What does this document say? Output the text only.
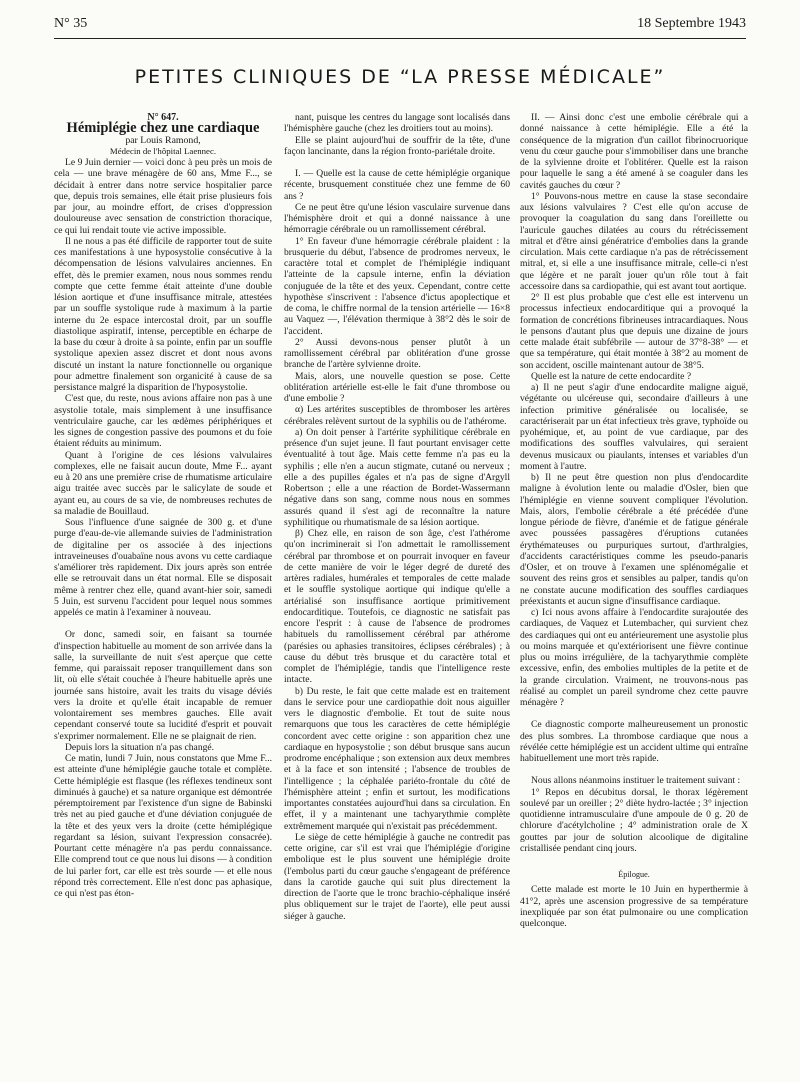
N° 35	18 Septembre 1943
PETITES CLINIQUES DE “LA PRESSE MÉDICALE”

N° 647.

Hémiplégie chez une cardiaque

par Louis Ramond,

Médecin de l'hôpital Laennec.

Le 9 Juin dernier — voici donc à peu près un mois de cela — une brave ménagère de 60 ans, Mme F..., se décidait à entrer dans notre service hospitalier parce que, depuis trois semaines, elle était prise plusieurs fois par jour, au moindre effort, de crises d'oppression douloureuse avec sensation de constriction thoracique, ce qui lui rendait toute vie active impossible.

Il ne nous a pas été difficile de rapporter tout de suite ces manifestations à une hyposystolie consécutive à la décompensation de lésions valvulaires anciennes. En effet, dès le premier examen, nous nous sommes rendu compte que cette femme était atteinte d'une double lésion aortique et d'une insuffisance mitrale, attestées par un souffle systolique rude à maximum à la partie interne du 2e espace intercostal droit, par un souffle diastolique aspiratif, intense, perceptible en écharpe de la base du cœur à droite à sa pointe, enfin par un souffle systolique apexien assez discret et dont nous avons discuté un instant la nature fonctionnelle ou organique pour admettre finalement son organicité à cause de sa persistance malgré la disparition de l'hyposystolie.

C'est que, du reste, nous avions affaire non pas à une asystolie totale, mais simplement à une insuffisance ventriculaire gauche, car les œdèmes périphériques et les signes de congestion passive des poumons et du foie étaient réduits au minimum.

Quant à l'origine de ces lésions valvulaires complexes, elle ne faisait aucun doute, Mme F... ayant eu à 20 ans une première crise de rhumatisme articulaire aigu traitée avec succès par le salicylate de soude et ayant eu, au cours de sa vie, de nombreuses rechutes de sa maladie de Bouillaud.

Sous l'influence d'une saignée de 300 g. et d'une purge d'eau-de-vie allemande suivies de l'administration de digitaline per os associée à des injections intraveineuses d'ouabaïne nous avons vu cette cardiaque s'améliorer très rapidement. Dix jours après son entrée elle se retrouvait dans un état normal. Elle se disposait même à rentrer chez elle, quand avant-hier soir, samedi 5 Juin, est survenu l'accident pour lequel nous sommes appelés ce matin à l'examiner à nouveau.

Or donc, samedi soir, en faisant sa tournée d'inspection habituelle au moment de son arrivée dans la salle, la surveillante de nuit s'est aperçue que cette femme, qui paraissait reposer tranquillement dans son lit, où elle s'était couchée à l'heure habituelle après une journée sans histoire, avait les traits du visage déviés vers la droite et qu'elle était incapable de remuer volontairement ses membres gauches. Elle avait cependant conservé toute sa lucidité d'esprit et pouvait s'exprimer normalement. Elle ne se plaignait de rien.

Depuis lors la situation n'a pas changé.

Ce matin, lundi 7 Juin, nous constatons que Mme F... est atteinte d'une hémiplégie gauche totale et complète. Cette hémiplégie est flasque (les réflexes tendineux sont diminués à gauche) et sa nature organique est démontrée péremptoirement par l'existence d'un signe de Babinski très net au pied gauche et d'une déviation conjuguée de la tête et des yeux vers la droite (cette hémiplégique regardant sa lésion, suivant l'expression consacrée). Pourtant cette ménagère n'a pas perdu connaissance. Elle comprend tout ce que nous lui disons — à condition de lui parler fort, car elle est très sourde — et elle nous répond très correctement. Elle n'est donc pas aphasique, ce qui n'est pas éton-

nant, puisque les centres du langage sont localisés dans l'hémisphère gauche (chez les droitiers tout au moins).

Elle se plaint aujourd'hui de souffrir de la tête, d'une façon lancinante, dans la région fronto-pariétale droite.

I. — Quelle est la cause de cette hémiplégie organique récente, brusquement constituée chez une femme de 60 ans ?

Ce ne peut être qu'une lésion vasculaire survenue dans l'hémisphère droit et qui a donné naissance à une hémorragie cérébrale ou un ramollissement cérébral.

1° En faveur d'une hémorragie cérébrale plaident : la brusquerie du début, l'absence de prodromes nerveux, le caractère total et complet de l'hémiplégie indiquant l'atteinte de la capsule interne, enfin la déviation conjuguée de la tête et des yeux. Cependant, contre cette hypothèse s'inscrivent : l'absence d'ictus apoplectique et de coma, le chiffre normal de la tension artérielle — 16×8 au Vaquez —, l'élévation thermique à 38°2 dès le soir de l'accident.

2° Aussi devons-nous penser plutôt à un ramollissement cérébral par oblitération d'une grosse branche de l'artère sylvienne droite.

Mais, alors, une nouvelle question se pose. Cette oblitération artérielle est-elle le fait d'une thrombose ou d'une embolie ?

α) Les artérites susceptibles de thromboser les artères cérébrales relèvent surtout de la syphilis ou de l'athérome.

a) On doit penser à l'artérite syphilitique cérébrale en présence d'un sujet jeune. Il faut pourtant envisager cette éventualité à tout âge. Mais cette femme n'a pas eu la syphilis ; elle n'en a aucun stigmate, cutané ou nerveux ; elle a des pupilles égales et n'a pas de signe d'Argyll Robertson ; elle a une réaction de Bordet-Wassermann négative dans son sang, comme nous nous en sommes assurés quand il s'est agi de reconnaître la nature syphilitique ou rhumatismale de sa lésion aortique.

β) Chez elle, en raison de son âge, c'est l'athérome qu'on incriminerait si l'on admettait le ramollissement cérébral par thrombose et on pourrait invoquer en faveur de cette manière de voir le léger degré de dureté des artères radiales, humérales et temporales de cette malade et le souffle systolique aortique qui indique qu'elle a artérialisé son insuffisance aortique primitivement endocarditique. Toutefois, ce diagnostic ne satisfait pas encore l'esprit : à cause de l'absence de prodromes habituels du ramollissement cérébral par athérome (parésies ou aphasies transitoires, éclipses cérébrales) ; à cause du début très brusque et du caractère total et complet de l'hémiplégie, tandis que l'intelligence reste intacte.

b) Du reste, le fait que cette malade est en traitement dans le service pour une cardiopathie doit nous aiguiller vers le diagnostic d'embolie. Et tout de suite nous remarquons que tous les caractères de cette hémiplégie concordent avec cette origine : son apparition chez une cardiaque en hyposystolie ; son début brusque sans aucun prodrome encéphalique ; son extension aux deux membres et à la face et son intensité ; l'absence de troubles de l'intelligence ; la céphalée pariéto-frontale du côté de l'hémisphère atteint ; enfin et surtout, les modifications importantes constatées aujourd'hui dans sa circulation. En effet, il y a maintenant une tachyarythmie complète extrêmement marquée qui n'existait pas précédemment.

Le siège de cette hémiplégie à gauche ne contredit pas cette origine, car s'il est vrai que l'hémiplégie d'origine embolique est le plus souvent une hémiplégie droite (l'embolus parti du cœur gauche s'engageant de préférence dans la carotide gauche qui suit plus directement la direction de l'aorte que le tronc brachio-céphalique inséré plus obliquement sur le trajet de l'aorte), elle peut aussi siéger à gauche.

II. — Ainsi donc c'est une embolie cérébrale qui a donné naissance à cette hémiplégie. Elle a été la conséquence de la migration d'un caillot fibrinocruorique venu du cœur gauche pour s'immobiliser dans une branche de la sylvienne droite et l'oblitérer. Quelle est la raison pour laquelle le sang a été amené à se coaguler dans les cavités gauches du cœur ?

1° Pouvons-nous mettre en cause la stase secondaire aux lésions valvulaires ? C'est elle qu'on accuse de provoquer la coagulation du sang dans l'oreillette ou l'auricule gauches dilatées au cours du rétrécissement mitral et d'être ainsi génératrice d'embolies dans la grande circulation. Mais cette cardiaque n'a pas de rétrécissement mitral, et, si elle a une insuffisance mitrale, celle-ci n'est que légère et ne paraît jouer qu'un rôle tout à fait accessoire dans sa cardiopathie, qui est avant tout aortique.

2° Il est plus probable que c'est elle est intervenu un processus infectieux endocarditique qui a provoqué la formation de concrétions fibrineuses intracardiaques. Nous le pensons d'autant plus que depuis une dizaine de jours cette malade était subfébrile — autour de 37°8-38° — et que sa température, qui était montée à 38°2 au moment de son accident, oscille maintenant autour de 38°5.

Quelle est la nature de cette endocardite ?

a) Il ne peut s'agir d'une endocardite maligne aiguë, végétante ou ulcéreuse qui, secondaire d'ailleurs à une infection primitive généralisée ou localisée, se caractériserait par un état infectieux très grave, typhoïde ou pyohémique, et, au point de vue cardiaque, par des modifications des souffles valvulaires, qui seraient devenus musicaux ou piaulants, intenses et variables d'un moment à l'autre.

b) Il ne peut être question non plus d'endocardite maligne à évolution lente ou maladie d'Osler, bien que l'hémiplégie en vienne souvent compliquer l'évolution. Mais, alors, l'embolie cérébrale a été précédée d'une longue période de fièvre, d'anémie et de fatigue générale avec poussées passagères d'éruptions cutanées érythémateuses ou purpuriques surtout, d'arthralgies, d'accidents caractéristiques comme les pseudo-panaris d'Osler, et on trouve à l'examen une splénomégalie et souvent des reins gros et sensibles au palper, tandis qu'on ne constate aucune modification des souffles cardiaques préexistants et aucun signe d'insuffisance cardiaque.

c) Ici nous avons affaire à l'endocardite surajoutée des cardiaques, de Vaquez et Lutembacher, qui survient chez des cardiaques qui ont eu antérieurement une asystolie plus ou moins marquée et qu'extériorisent une fièvre continue plus ou moins irrégulière, de la tachyarythmie complète excessive, enfin, des embolies multiples de la petite et de la grande circulation. Vraiment, ne trouvons-nous pas réalisé au complet un pareil syndrome chez cette pauvre ménagère ?

Ce diagnostic comporte malheureusement un pronostic des plus sombres. La thrombose cardiaque que nous a révélée cette hémiplégie est un accident ultime qui entraîne habituellement une mort très rapide.

Nous allons néanmoins instituer le traitement suivant :

1° Repos en décubitus dorsal, le thorax légèrement soulevé par un oreiller ; 2° diète hydro-lactée ; 3° injection quotidienne intramusculaire d'une ampoule de 0 g. 20 de chlorure d'acétylcholine ; 4° administration orale de X gouttes par jour de solution alcoolique de digitaline cristallisée pendant cinq jours.

Épilogue.

Cette malade est morte le 10 Juin en hyperthermie à 41°2, après une ascension progressive de sa température inexpliquée par son état pulmonaire ou une complication quelconque.
